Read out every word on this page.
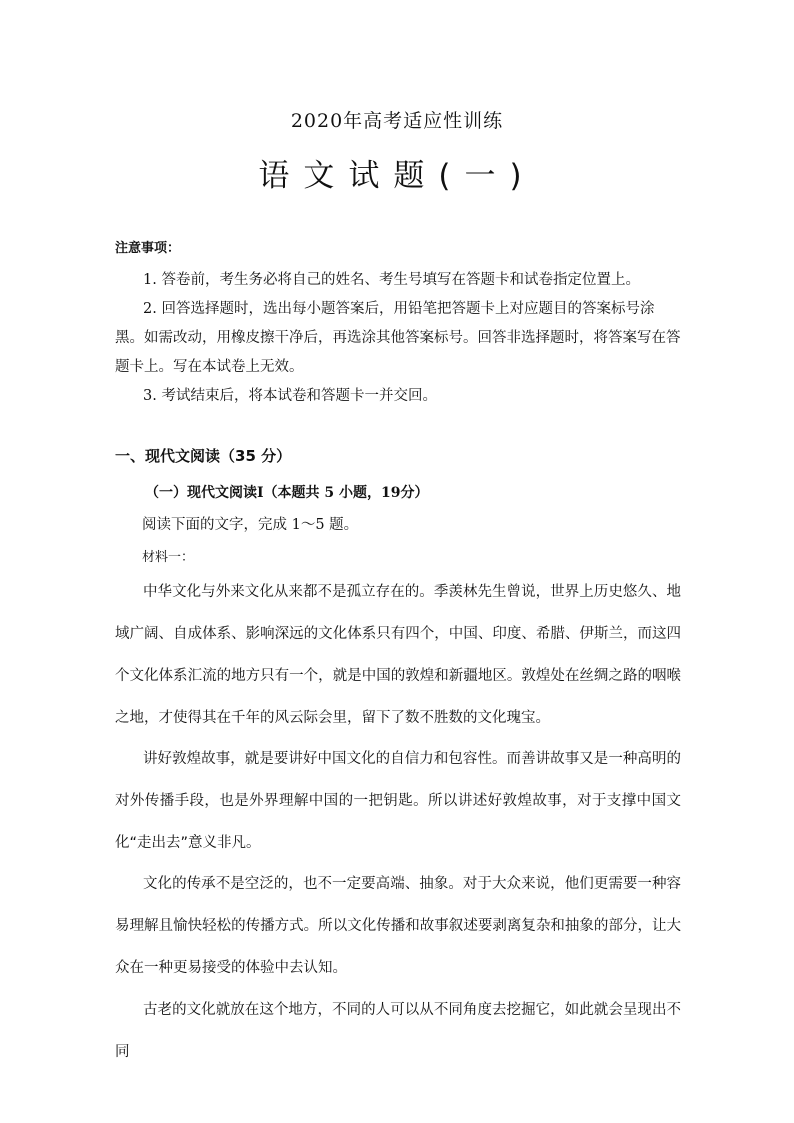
2020年高考适应性训练
语文试题(一)
注意事项：

1. 答卷前，考生务必将自己的姓名、考生号填写在答题卡和试卷指定位置上。

2. 回答选择题时，选出每小题答案后，用铅笔把答题卡上对应题目的答案标号涂黑。如需改动，用橡皮擦干净后，再选涂其他答案标号。回答非选择题时，将答案写在答题卡上。写在本试卷上无效。

3. 考试结束后，将本试卷和答题卡一并交回。

一、现代文阅读（35 分）
（一）现代文阅读Ⅰ（本题共 5 小题，19分）
阅读下面的文字，完成 1～5 题。
材料一：

中华文化与外来文化从来都不是孤立存在的。季羡林先生曾说，世界上历史悠久、地域广阔、自成体系、影响深远的文化体系只有四个，中国、印度、希腊、伊斯兰，而这四个文化体系汇流的地方只有一个，就是中国的敦煌和新疆地区。敦煌处在丝绸之路的咽喉之地，才使得其在千年的风云际会里，留下了数不胜数的文化瑰宝。

讲好敦煌故事，就是要讲好中国文化的自信力和包容性。而善讲故事又是一种高明的对外传播手段，也是外界理解中国的一把钥匙。所以讲述好敦煌故事，对于支撑中国文化“走出去”意义非凡。

文化的传承不是空泛的，也不一定要高端、抽象。对于大众来说，他们更需要一种容易理解且愉快轻松的传播方式。所以文化传播和故事叙述要剥离复杂和抽象的部分，让大众在一种更易接受的体验中去认知。

古老的文化就放在这个地方，不同的人可以从不同角度去挖掘它，如此就会呈现出不同
